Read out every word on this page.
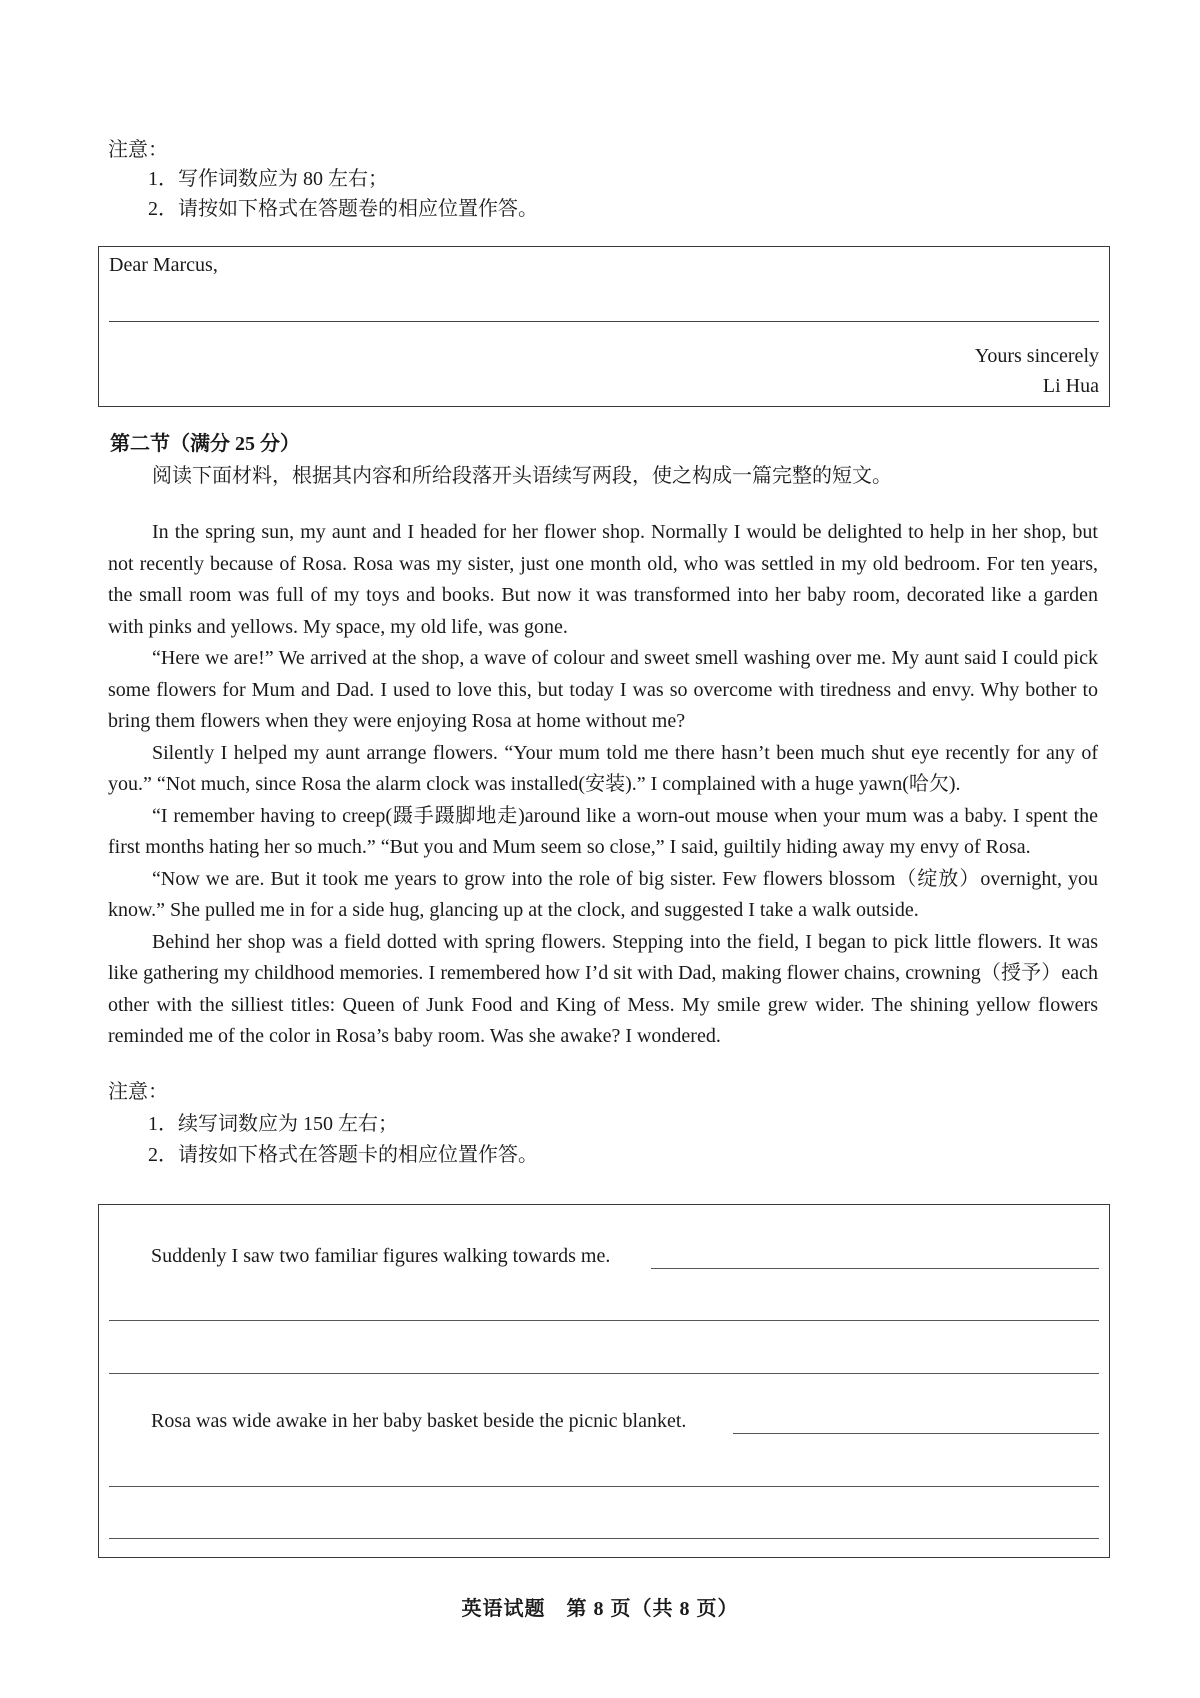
注意：
1．写作词数应为 80 左右；
2．请按如下格式在答题卷的相应位置作答。
Dear Marcus,
Yours sincerely
Li Hua
第二节（满分 25 分）
阅读下面材料，根据其内容和所给段落开头语续写两段，使之构成一篇完整的短文。

In the spring sun, my aunt and I headed for her flower shop. Normally I would be delighted to help in her shop, but not recently because of Rosa. Rosa was my sister, just one month old, who was settled in my old bedroom. For ten years, the small room was full of my toys and books. But now it was transformed into her baby room, decorated like a garden with pinks and yellows. My space, my old life, was gone.

“Here we are!” We arrived at the shop, a wave of colour and sweet smell washing over me. My aunt said I could pick some flowers for Mum and Dad. I used to love this, but today I was so overcome with tiredness and envy. Why bother to bring them flowers when they were enjoying Rosa at home without me?

Silently I helped my aunt arrange flowers. “Your mum told me there hasn’t been much shut eye recently for any of you.” “Not much, since Rosa the alarm clock was installed(安装).” I complained with a huge yawn(哈欠).

“I remember having to creep(蹑手蹑脚地走)around like a worn-out mouse when your mum was a baby. I spent the first months hating her so much.” “But you and Mum seem so close,” I said, guiltily hiding away my envy of Rosa.

“Now we are. But it took me years to grow into the role of big sister. Few flowers blossom（绽放）overnight, you know.” She pulled me in for a side hug, glancing up at the clock, and suggested I take a walk outside.

Behind her shop was a field dotted with spring flowers. Stepping into the field, I began to pick little flowers. It was like gathering my childhood memories. I remembered how I’d sit with Dad, making flower chains, crowning（授予）each other with the silliest titles: Queen of Junk Food and King of Mess. My smile grew wider. The shining yellow flowers reminded me of the color in Rosa’s baby room. Was she awake? I wondered.

注意：
1．续写词数应为 150 左右；
2．请按如下格式在答题卡的相应位置作答。
Suddenly I saw two familiar figures walking towards me.
Rosa was wide awake in her baby basket beside the picnic blanket.
英语试题　第 8 页（共 8 页）
